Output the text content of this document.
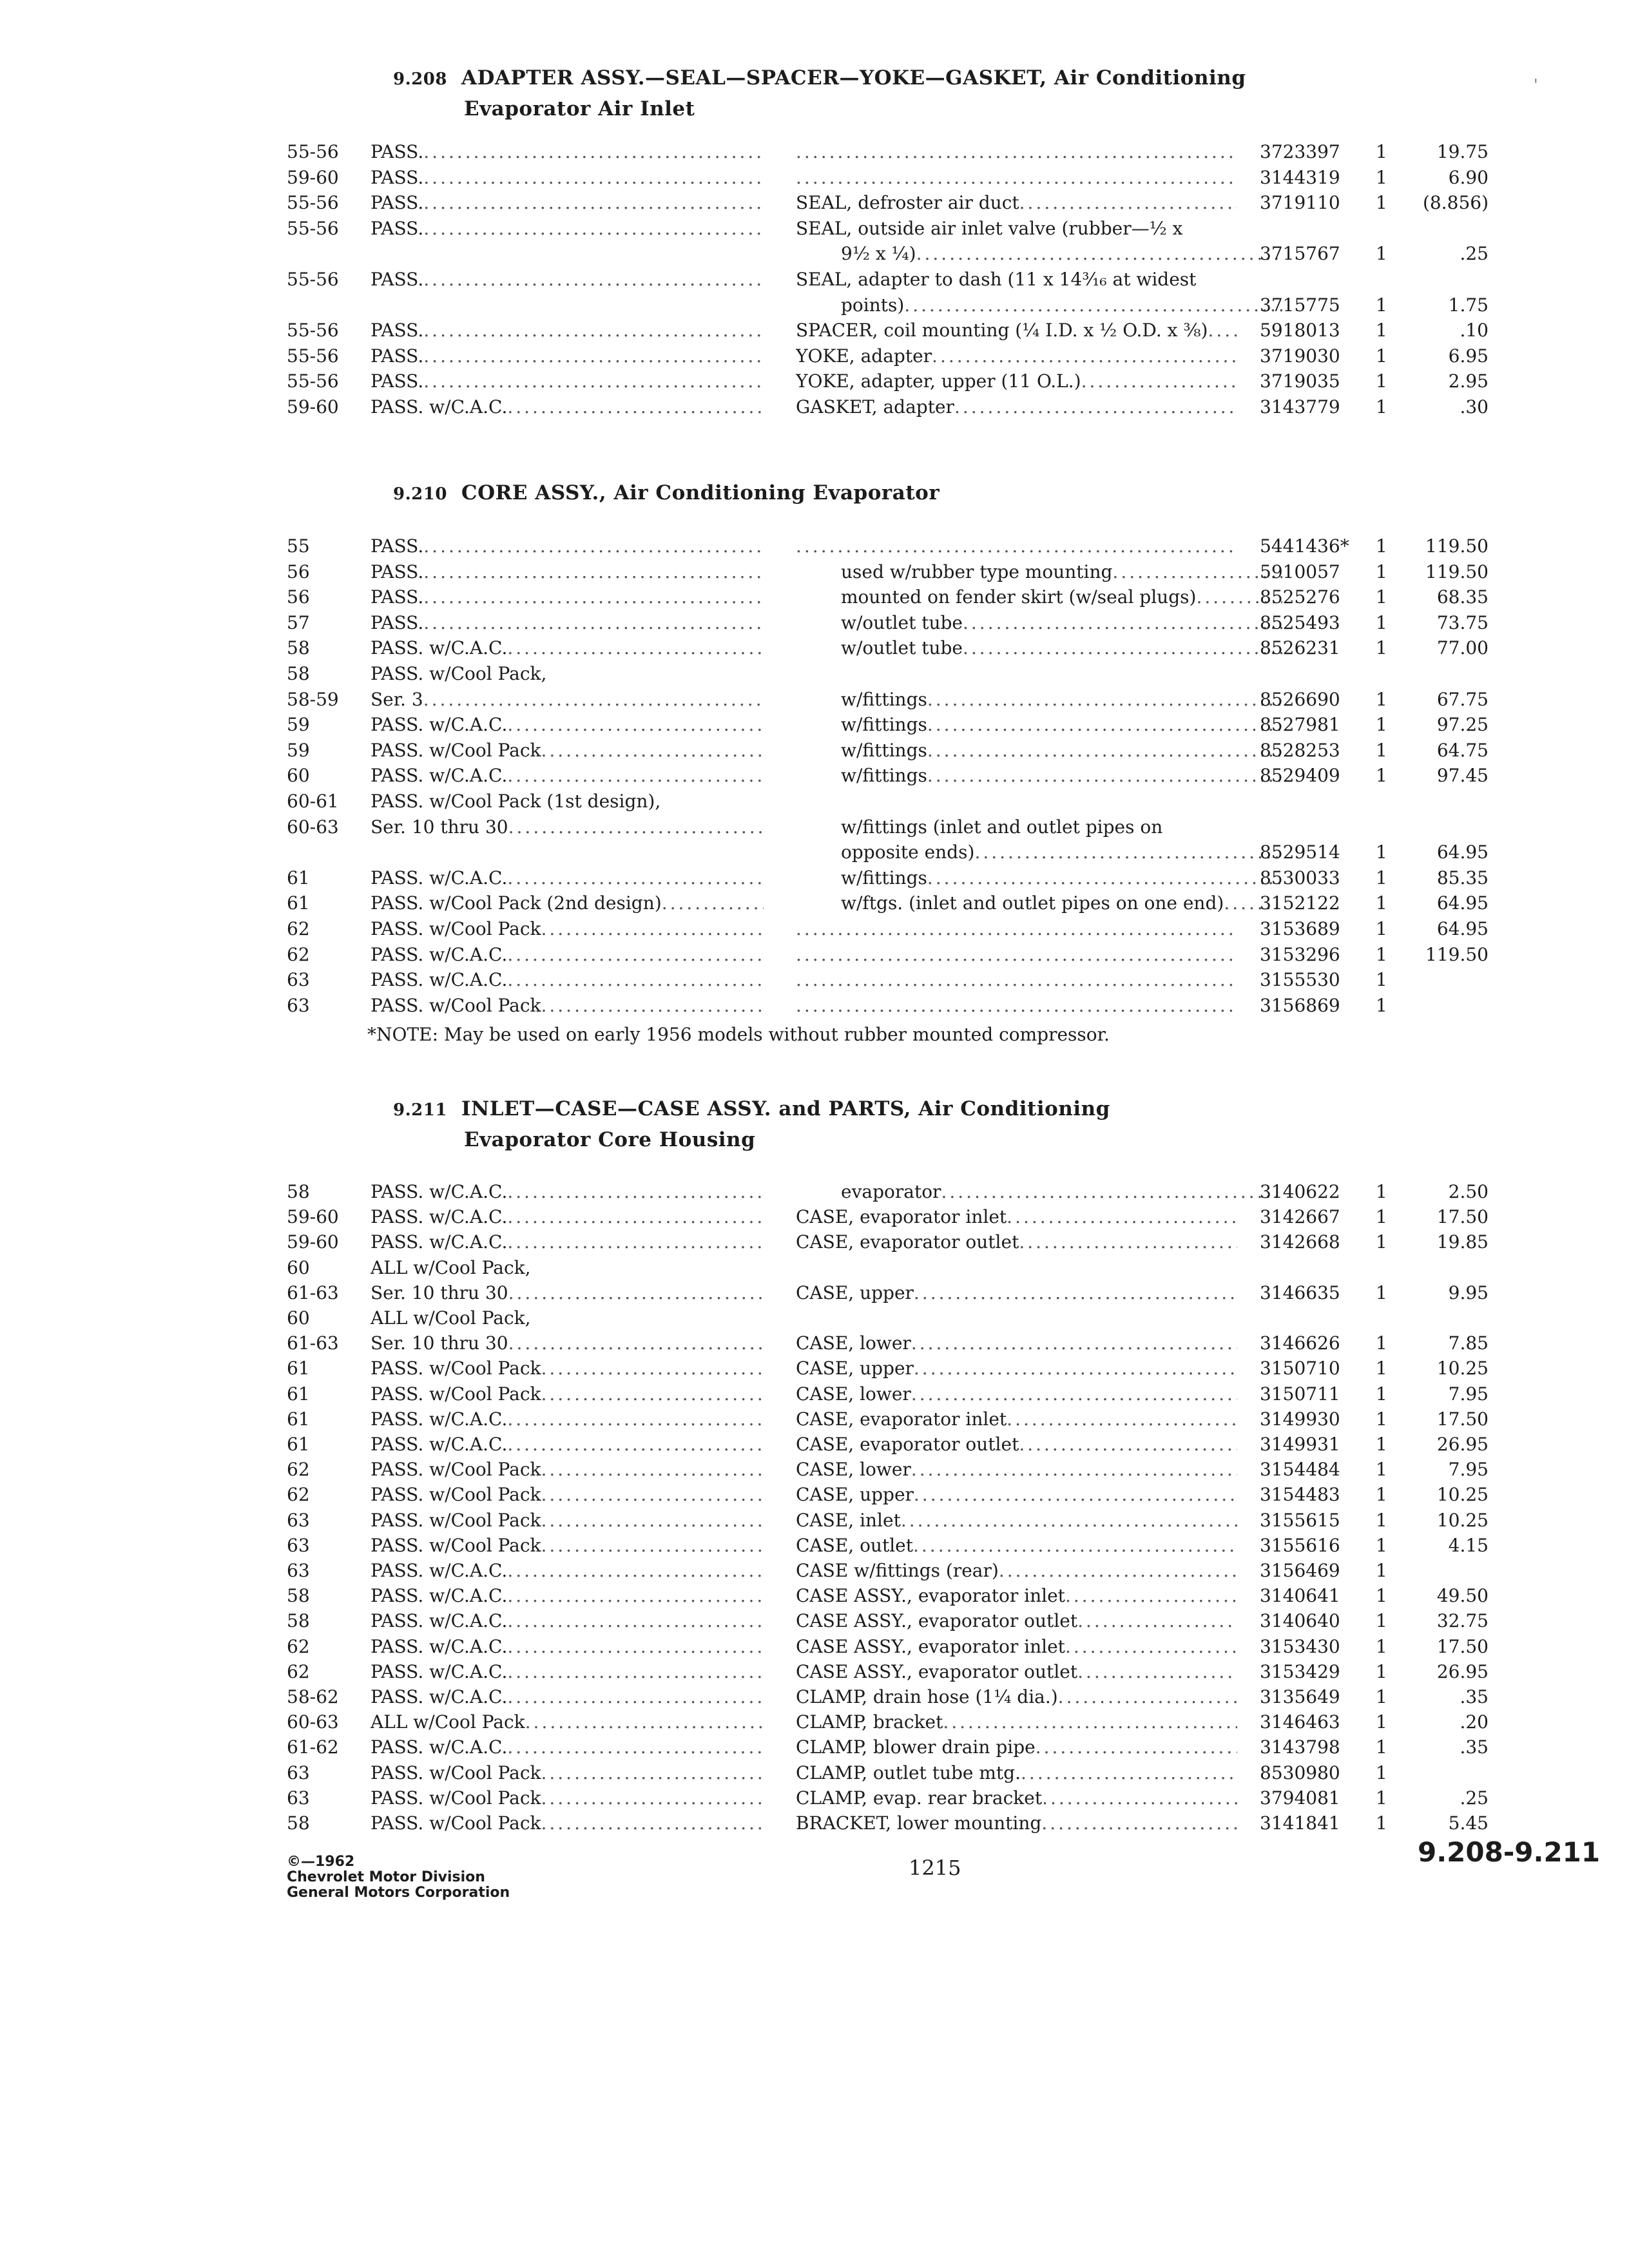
'
9.208 ADAPTER ASSY.—SEAL—SPACER—YOKE—GASKET, Air Conditioning
Evaporator Air Inlet
55-56	PASS. ..... .....	3723397	1	19.75
59-60	PASS. ..... .....	3144319	1	6.90
55-56	PASS. .....	SEAL, defroster air duct .....	3719110	1	(8.856)
55-56	PASS. .....	SEAL, outside air inlet valve (rubber—½ x
9½ x ¼) .....	3715767	1	.25
55-56	PASS. .....	SEAL, adapter to dash (11 x 14³⁄₁₆ at widest
points) .....	3715775	1	1.75
55-56	PASS. .....	SPACER, coil mounting (¼ I.D. x ½ O.D. x ⅜) .....	5918013	1	.10
55-56	PASS. .....	YOKE, adapter .....	3719030	1	6.95
55-56	PASS. .....	YOKE, adapter, upper (11 O.L.) .....	3719035	1	2.95
59-60	PASS. w/C.A.C. .....	GASKET, adapter .....	3143779	1	.30
9.210 CORE ASSY., Air Conditioning Evaporator
55	PASS. ..... .....	5441436*	1	119.50
56	PASS. .....	used w/rubber type mounting .....	5910057	1	119.50
56	PASS. .....	mounted on fender skirt (w/seal plugs) .....	8525276	1	68.35
57	PASS. .....	w/outlet tube .....	8525493	1	73.75
58	PASS. w/C.A.C. .....	w/outlet tube .....	8526231	1	77.00
58	PASS. w/Cool Pack,
58-59	Ser. 3 .....	w/fittings .....	8526690	1	67.75
59	PASS. w/C.A.C. .....	w/fittings .....	8527981	1	97.25
59	PASS. w/Cool Pack .....	w/fittings .....	8528253	1	64.75
60	PASS. w/C.A.C. .....	w/fittings .....	8529409	1	97.45
60-61	PASS. w/Cool Pack (1st design),
60-63	Ser. 10 thru 30 .....	w/fittings (inlet and outlet pipes on
opposite ends) .....	8529514	1	64.95
61	PASS. w/C.A.C. .....	w/fittings .....	8530033	1	85.35
61	PASS. w/Cool Pack (2nd design) .....	w/ftgs. (inlet and outlet pipes on one end) .....	3152122	1	64.95
62	PASS. w/Cool Pack ..... .....	3153689	1	64.95
62	PASS. w/C.A.C. ..... .....	3153296	1	119.50
63	PASS. w/C.A.C. ..... .....	3155530	1
63	PASS. w/Cool Pack ..... .....	3156869	1
*NOTE: May be used on early 1956 models without rubber mounted compressor.
9.211 INLET—CASE—CASE ASSY. and PARTS, Air Conditioning
Evaporator Core Housing
58	PASS. w/C.A.C. .....	evaporator .....	3140622	1	2.50
59-60	PASS. w/C.A.C. .....	CASE, evaporator inlet .....	3142667	1	17.50
59-60	PASS. w/C.A.C. .....	CASE, evaporator outlet .....	3142668	1	19.85
60	ALL w/Cool Pack,
61-63	Ser. 10 thru 30 .....	CASE, upper .....	3146635	1	9.95
60	ALL w/Cool Pack,
61-63	Ser. 10 thru 30 .....	CASE, lower .....	3146626	1	7.85
61	PASS. w/Cool Pack .....	CASE, upper .....	3150710	1	10.25
61	PASS. w/Cool Pack .....	CASE, lower .....	3150711	1	7.95
61	PASS. w/C.A.C. .....	CASE, evaporator inlet .....	3149930	1	17.50
61	PASS. w/C.A.C. .....	CASE, evaporator outlet .....	3149931	1	26.95
62	PASS. w/Cool Pack .....	CASE, lower .....	3154484	1	7.95
62	PASS. w/Cool Pack .....	CASE, upper .....	3154483	1	10.25
63	PASS. w/Cool Pack .....	CASE, inlet .....	3155615	1	10.25
63	PASS. w/Cool Pack .....	CASE, outlet .....	3155616	1	4.15
63	PASS. w/C.A.C. .....	CASE w/fittings (rear) .....	3156469	1
58	PASS. w/C.A.C. .....	CASE ASSY., evaporator inlet .....	3140641	1	49.50
58	PASS. w/C.A.C. .....	CASE ASSY., evaporator outlet .....	3140640	1	32.75
62	PASS. w/C.A.C. .....	CASE ASSY., evaporator inlet .....	3153430	1	17.50
62	PASS. w/C.A.C. .....	CASE ASSY., evaporator outlet .....	3153429	1	26.95
58-62	PASS. w/C.A.C. .....	CLAMP, drain hose (1¼ dia.) .....	3135649	1	.35
60-63	ALL w/Cool Pack .....	CLAMP, bracket .....	3146463	1	.20
61-62	PASS. w/C.A.C. .....	CLAMP, blower drain pipe .....	3143798	1	.35
63	PASS. w/Cool Pack .....	CLAMP, outlet tube mtg. .....	8530980	1
63	PASS. w/Cool Pack .....	CLAMP, evap. rear bracket .....	3794081	1	.25
58	PASS. w/Cool Pack .....	BRACKET, lower mounting .....	3141841	1	5.45
©—1962
Chevrolet Motor Division
General Motors Corporation
1215	9.208-9.211
